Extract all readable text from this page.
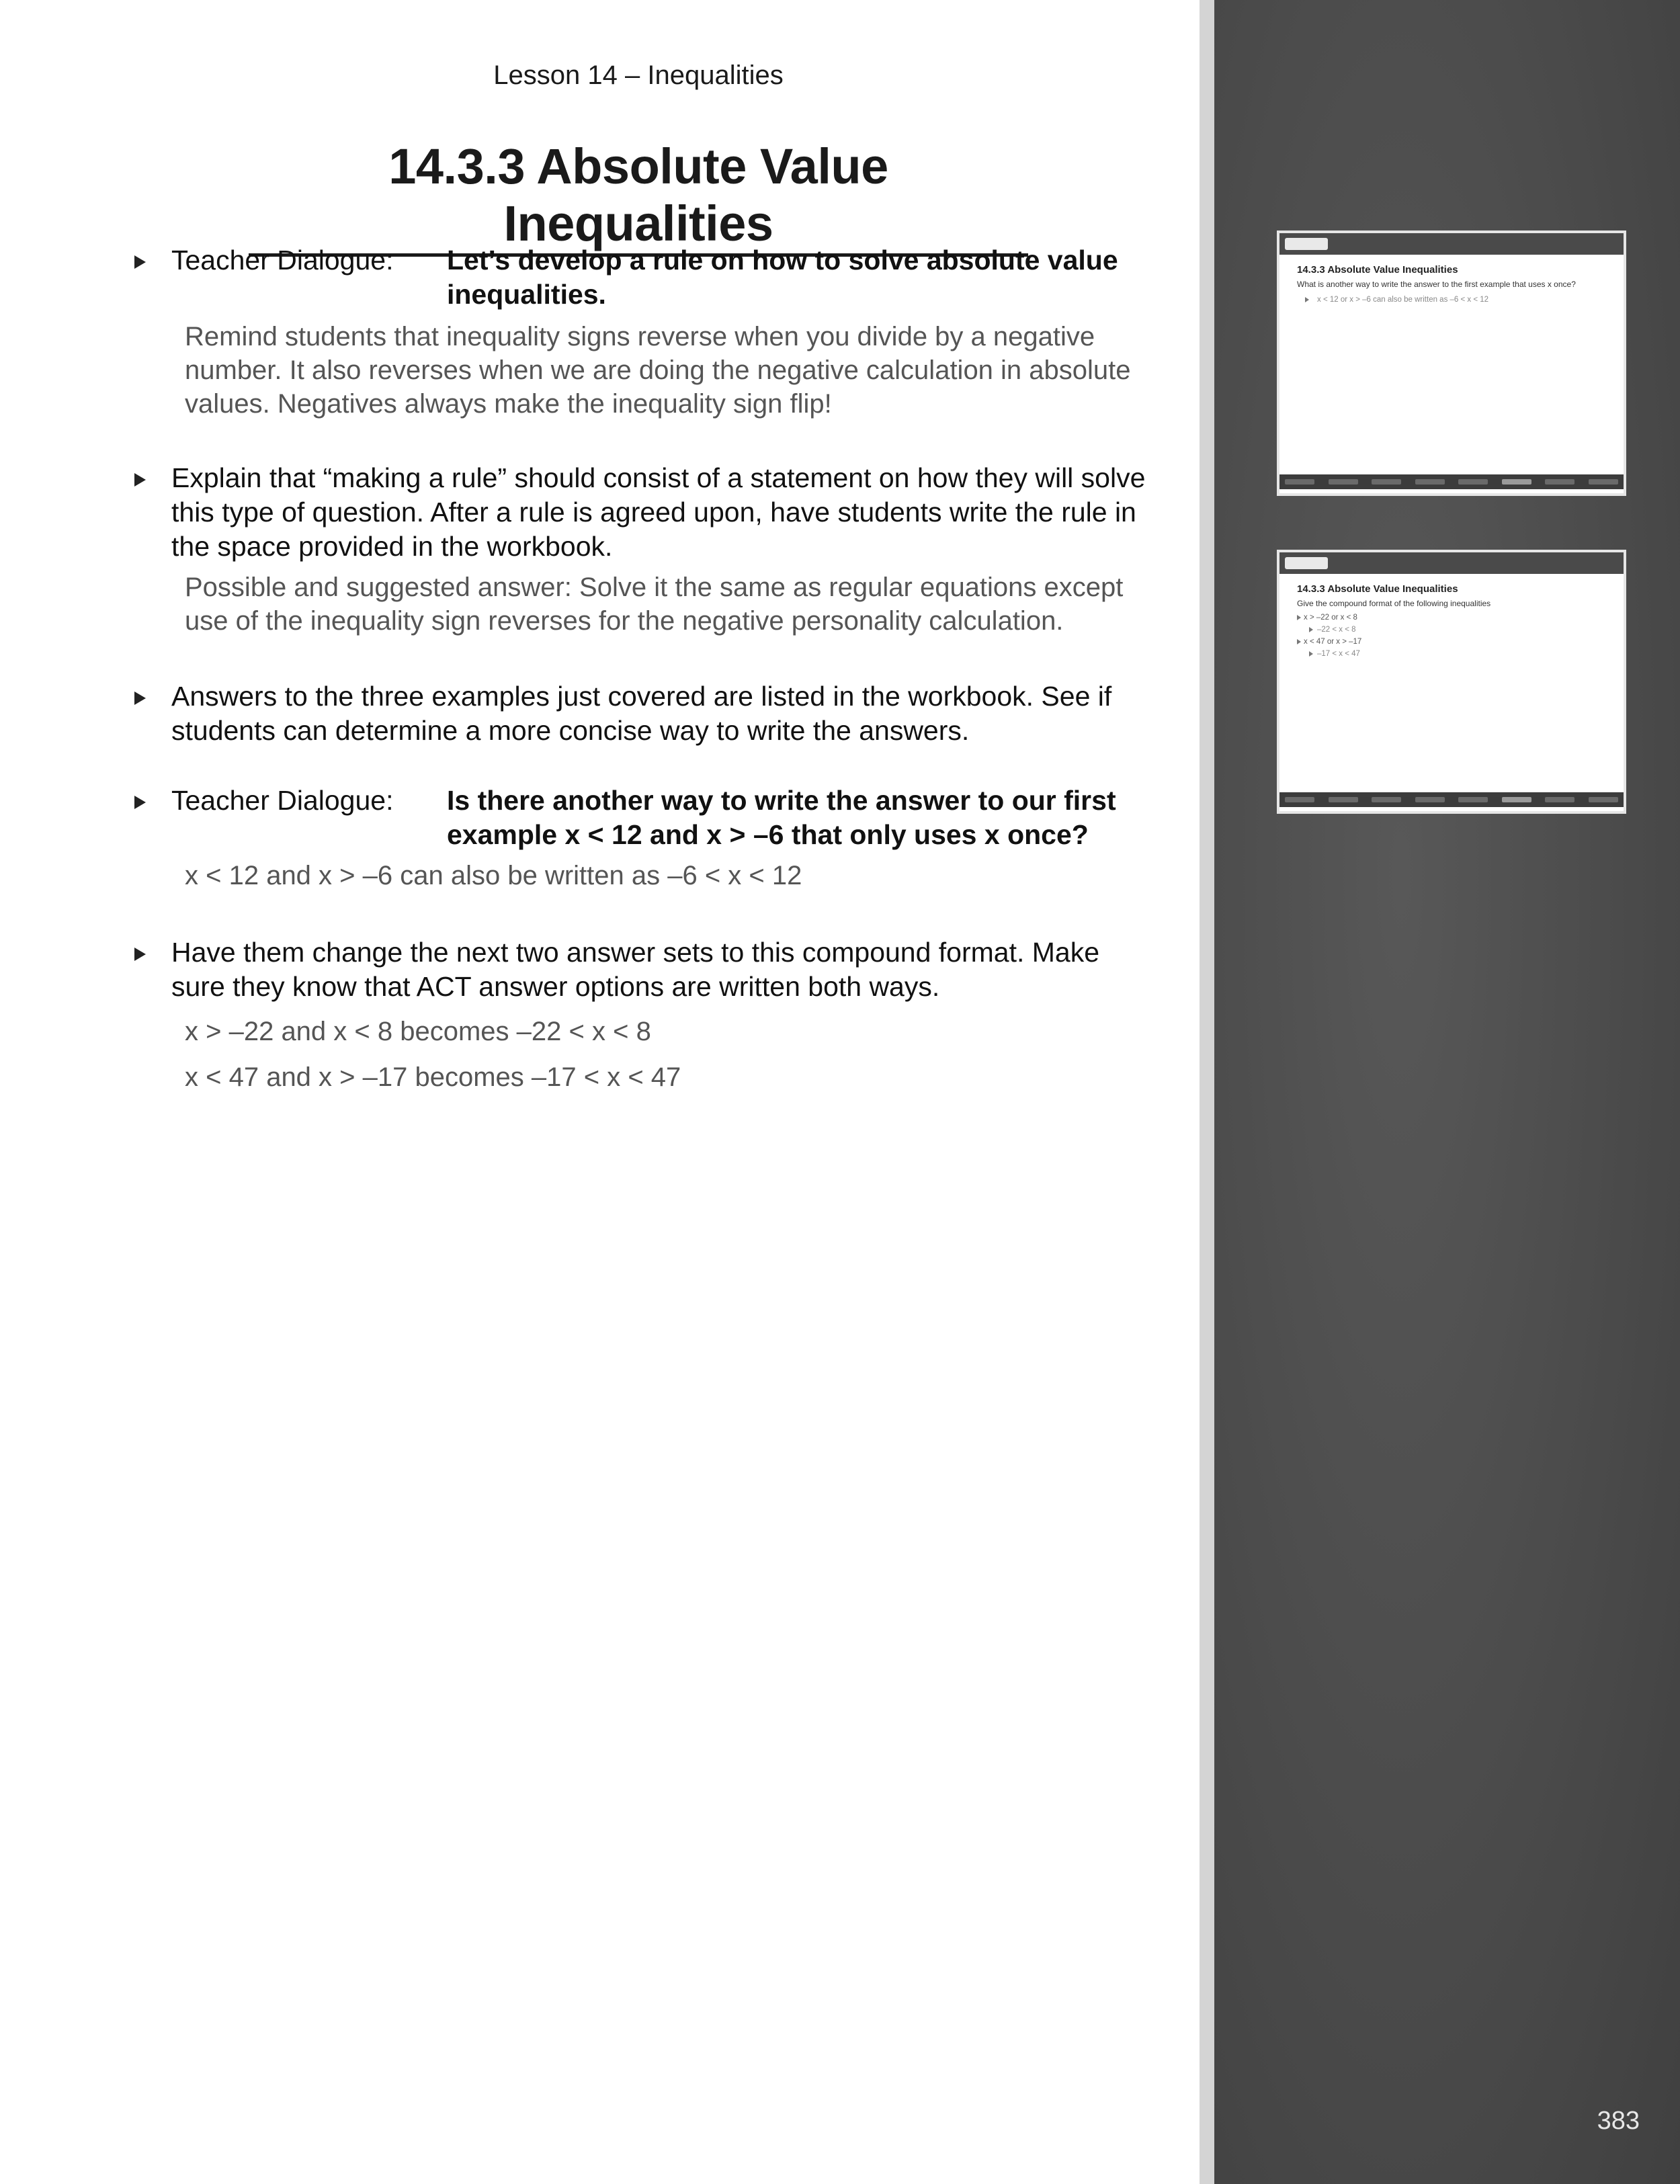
Lesson 14 – Inequalities
14.3.3 Absolute Value Inequalities
Teacher Dialogue: Let’s develop a rule on how to solve absolute value inequalities.
Remind students that inequality signs reverse when you divide by a negative number. It also reverses when we are doing the negative calculation in absolute values. Negatives always make the inequality sign flip!
Explain that “making a rule” should consist of a statement on how they will solve this type of question. After a rule is agreed upon, have students write the rule in the space provided in the workbook.
Possible and suggested answer: Solve it the same as regular equations except use of the inequality sign reverses for the negative personality calculation.
Answers to the three examples just covered are listed in the workbook. See if students can determine a more concise way to write the answers.
Teacher Dialogue: Is there another way to write the answer to our first
example x < 12 and x > –6 that only uses x once?
x < 12 and x > –6 can also be written as –6 < x < 12
Have them change the next two answer sets to this compound format. Make sure they know that ACT answer options are written both ways.
x > –22 and x < 8 becomes –22 < x < 8
x < 47 and x > –17 becomes –17 < x < 47
14.3.3 Absolute Value Inequalities
What is another way to write the answer to the first example that uses x once?
x < 12 or x > –6 can also be written as –6 < x < 12
14.3.3 Absolute Value Inequalities
Give the compound format of the following inequalities
x > –22 or x < 8
–22 < x < 8
x < 47 or x > –17
–17 < x < 47
383
